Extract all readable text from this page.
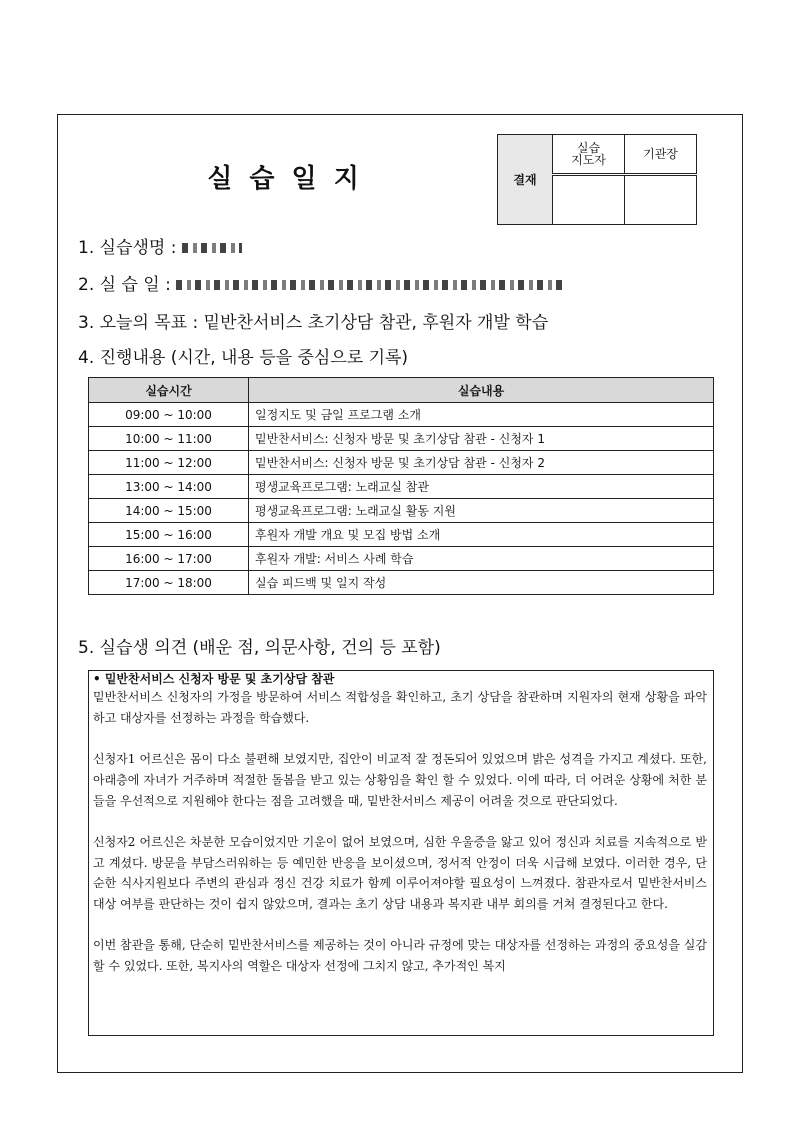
실 습 일 지	결재	실습
지도자	기관장

1. 실습생명 :
2. 실 습 일 :
3. 오늘의 목표 : 밑반찬서비스 초기상담 참관, 후원자 개발 학습
4. 진행내용 (시간, 내용 등을 중심으로 기록)
실습시간	실습내용
09:00 ~ 10:00	일정지도 및 금일 프로그램 소개
10:00 ~ 11:00	밑반찬서비스: 신청자 방문 및 초기상담 참관 - 신청자 1
11:00 ~ 12:00	밑반찬서비스: 신청자 방문 및 초기상담 참관 - 신청자 2
13:00 ~ 14:00	평생교육프로그램: 노래교실 참관
14:00 ~ 15:00	평생교육프로그램: 노래교실 활동 지원
15:00 ~ 16:00	후원자 개발 개요 및 모집 방법 소개
16:00 ~ 17:00	후원자 개발: 서비스 사례 학습
17:00 ~ 18:00	실습 피드백 및 일지 작성
5. 실습생 의견 (배운 점, 의문사항, 건의 등 포함)
• 밑반찬서비스 신청자 방문 및 초기상담 참관

밑반찬서비스 신청자의 가정을 방문하여 서비스 적합성을 확인하고, 초기 상담을 참관하며 지원자의 현재 상황을 파악하고 대상자를 선정하는 과정을 학습했다.

신청자1 어르신은 몸이 다소 불편해 보였지만, 집안이 비교적 잘 정돈되어 있었으며 밝은 성격을 가지고 계셨다. 또한, 아래층에 자녀가 거주하며 적절한 돌봄을 받고 있는 상황임을 확인 할 수 있었다. 이에 따라, 더 어려운 상황에 처한 분들을 우선적으로 지원해야 한다는 점을 고려했을 때, 밑반찬서비스 제공이 어려울 것으로 판단되었다.

신청자2 어르신은 차분한 모습이었지만 기운이 없어 보였으며, 심한 우울증을 앓고 있어 정신과 치료를 지속적으로 받고 계셨다. 방문을 부담스러워하는 등 예민한 반응을 보이셨으며, 정서적 안정이 더욱 시급해 보였다. 이러한 경우, 단순한 식사지원보다 주변의 관심과 정신 건강 치료가 함께 이루어져야할 필요성이 느껴졌다. 참관자로서 밑반찬서비스 대상 여부를 판단하는 것이 쉽지 않았으며, 결과는 초기 상담 내용과 복지관 내부 회의를 거쳐 결정된다고 한다.

이번 참관을 통해, 단순히 밑반찬서비스를 제공하는 것이 아니라 규정에 맞는 대상자를 선정하는 과정의 중요성을 실감할 수 있었다. 또한, 복지사의 역할은 대상자 선정에 그치지 않고, 추가적인 복지
